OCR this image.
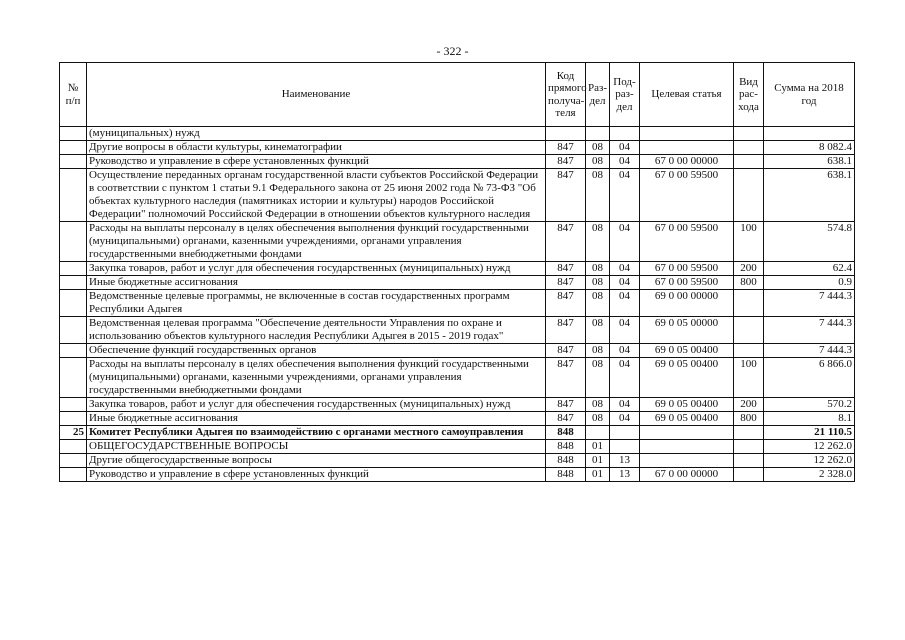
- 322 -
№ п/п	Наименование	Код прямого получа-теля	Раз-дел	Под-раз-дел	Целевая статья	Вид рас-хода	Сумма на 2018 год
	(муниципальных) нужд						
	Другие вопросы в области культуры, кинематографии	847	08	04			8 082.4
	Руководство и управление в сфере установленных функций	847	08	04	67 0 00 00000		638.1
	Осуществление переданных органам государственной власти субъектов Российской Федерации в соответствии с пунктом 1 статьи 9.1 Федерального закона от 25 июня 2002 года № 73-ФЗ "Об объектах культурного наследия (памятниках истории и культуры) народов Российской Федерации" полномочий Российской Федерации в отношении объектов культурного наследия	847	08	04	67 0 00 59500		638.1
	Расходы на выплаты персоналу в целях обеспечения выполнения функций государственными (муниципальными) органами, казенными учреждениями, органами управления государственными внебюджетными фондами	847	08	04	67 0 00 59500	100	574.8
	Закупка товаров, работ и услуг для обеспечения государственных (муниципальных) нужд	847	08	04	67 0 00 59500	200	62.4
	Иные бюджетные ассигнования	847	08	04	67 0 00 59500	800	0.9
	Ведомственные целевые программы, не включенные в состав государственных программ Республики Адыгея	847	08	04	69 0 00 00000		7 444.3
	Ведомственная целевая программа "Обеспечение деятельности Управления по охране и использованию объектов культурного наследия Республики Адыгея в 2015 - 2019 годах"	847	08	04	69 0 05 00000		7 444.3
	Обеспечение функций государственных органов	847	08	04	69 0 05 00400		7 444.3
	Расходы на выплаты персоналу в целях обеспечения выполнения функций государственными (муниципальными) органами, казенными учреждениями, органами управления государственными внебюджетными фондами	847	08	04	69 0 05 00400	100	6 866.0
	Закупка товаров, работ и услуг для обеспечения государственных (муниципальных) нужд	847	08	04	69 0 05 00400	200	570.2
	Иные бюджетные ассигнования	847	08	04	69 0 05 00400	800	8.1
25	Комитет Республики Адыгея по взаимодействию с органами местного самоуправления	848					21 110.5
	ОБЩЕГОСУДАРСТВЕННЫЕ ВОПРОСЫ	848	01				12 262.0
	Другие общегосударственные вопросы	848	01	13			12 262.0
	Руководство и управление в сфере установленных функций	848	01	13	67 0 00 00000		2 328.0
